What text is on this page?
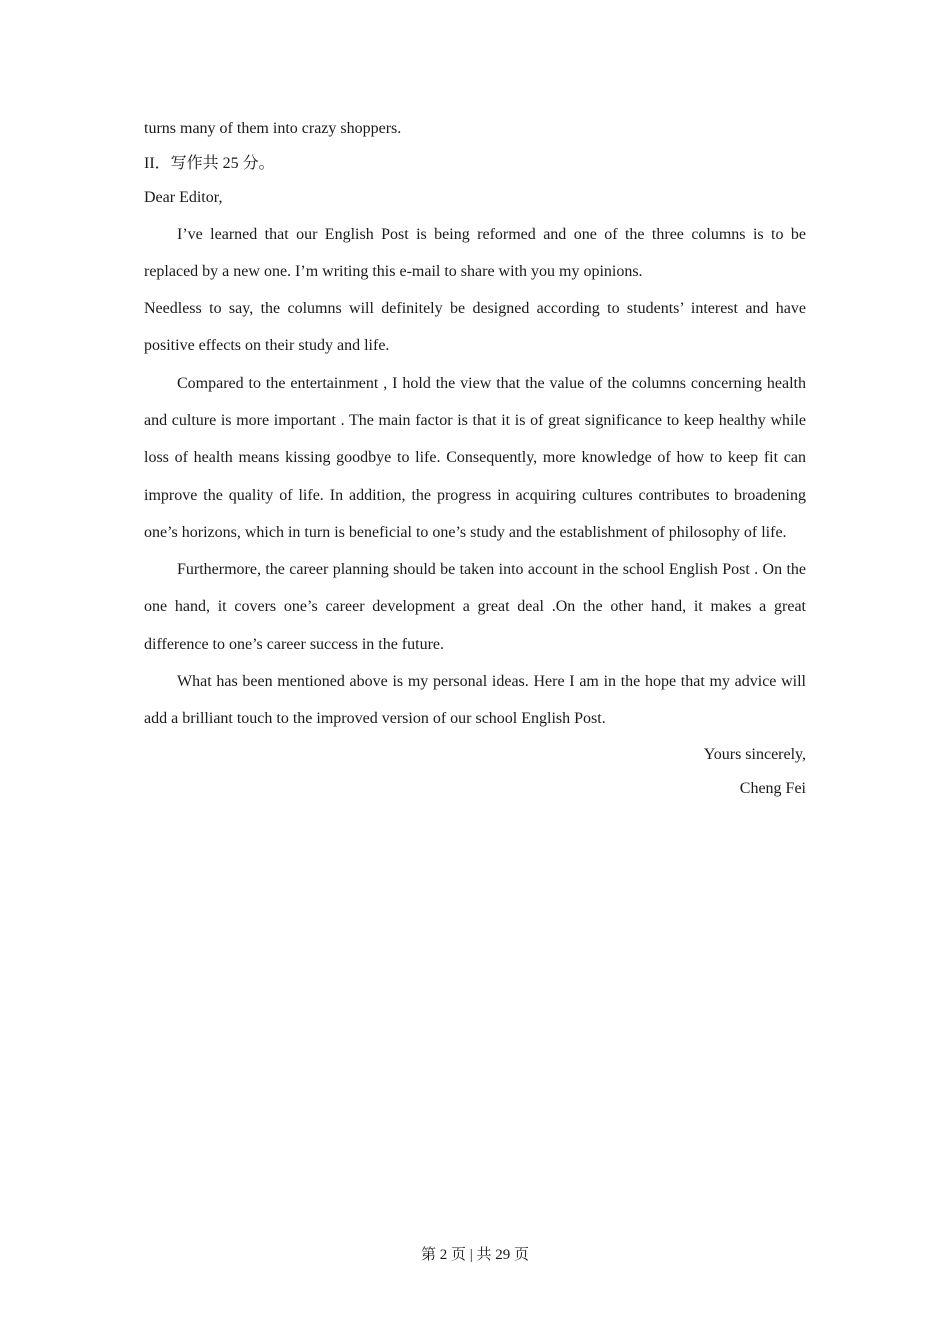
turns many of them into crazy shoppers.

II．写作共 25 分。

Dear Editor,

I’ve learned that our English Post is being reformed and one of the three columns is to be replaced by a new one. I’m writing this e-mail to share with you my opinions.

Needless to say, the columns will definitely be designed according to students’ interest and have positive effects on their study and life.

Compared to the entertainment , I hold the view that the value of the columns concerning health and culture is more important . The main factor is that it is of great significance to keep healthy while loss of health means kissing goodbye to life. Consequently, more knowledge of how to keep fit can improve the quality of life. In addition, the progress in acquiring cultures contributes to broadening one’s horizons, which in turn is beneficial to one’s study and the establishment of philosophy of life.

Furthermore, the career planning should be taken into account in the school English Post . On the one hand, it covers one’s career development a great deal .On the other hand, it makes a great difference to one’s career success in the future.

What has been mentioned above is my personal ideas. Here I am in the hope that my advice will add a brilliant touch to the improved version of our school English Post.

Yours sincerely,

Cheng Fei

第 2 页 | 共 29 页
